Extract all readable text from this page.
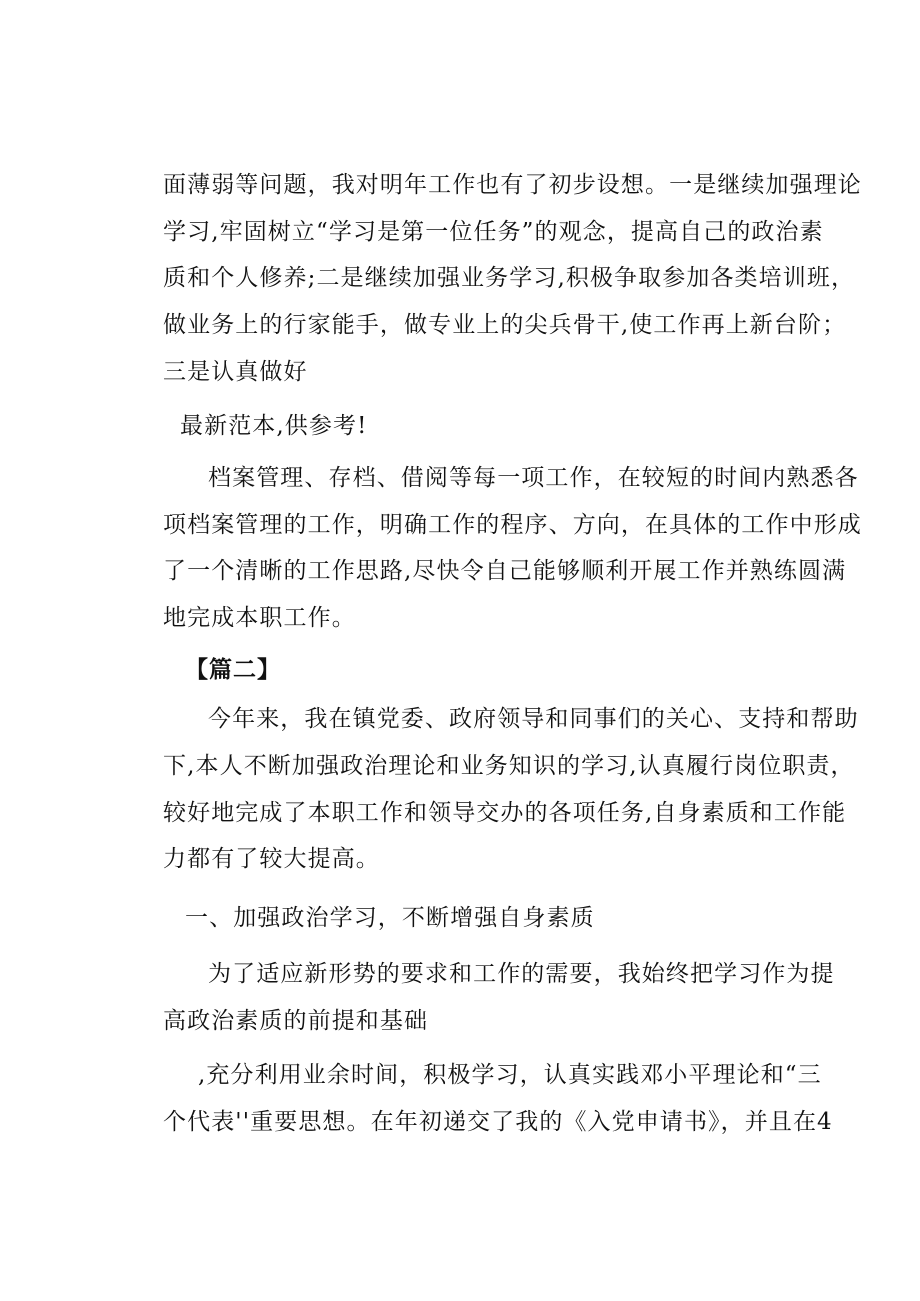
面薄弱等问题，我对明年工作也有了初步设想。一是继续加强理论
学习,牢固树立“学习是第一位任务”的观念，提高自己的政治素
质和个人修养;二是继续加强业务学习,积极争取参加各类培训班，
做业务上的行家能手，做专业上的尖兵骨干,使工作再上新台阶；
三是认真做好
最新范本,供参考!
档案管理、存档、借阅等每一项工作，在较短的时间内熟悉各
项档案管理的工作，明确工作的程序、方向，在具体的工作中形成
了一个清晰的工作思路,尽快令自己能够顺利开展工作并熟练圆满
地完成本职工作。
【篇二】
今年来，我在镇党委、政府领导和同事们的关心、支持和帮助
下,本人不断加强政治理论和业务知识的学习,认真履行岗位职责，
较好地完成了本职工作和领导交办的各项任务,自身素质和工作能
力都有了较大提高。
一、加强政治学习，不断增强自身素质
为了适应新形势的要求和工作的需要，我始终把学习作为提
高政治素质的前提和基础
,充分利用业余时间，积极学习，认真实践邓小平理论和“三
个代表''重要思想。在年初递交了我的《入党申请书》，并且在4
